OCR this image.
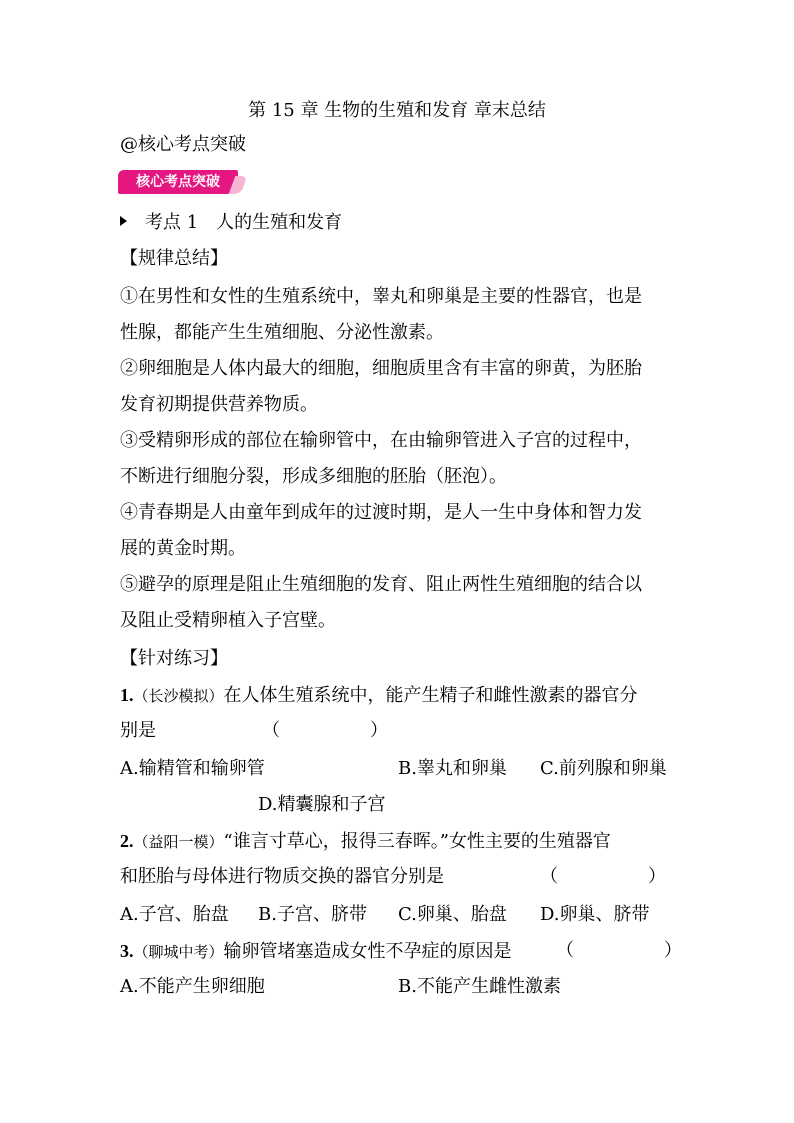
第 15 章 生物的生殖和发育 章末总结
@核心考点突破
核心考点突破
考点 1　人的生殖和发育
【规律总结】
①在男性和女性的生殖系统中，睾丸和卵巢是主要的性器官，也是
性腺，都能产生生殖细胞、分泌性激素。
②卵细胞是人体内最大的细胞，细胞质里含有丰富的卵黄，为胚胎
发育初期提供营养物质。
③受精卵形成的部位在输卵管中，在由输卵管进入子宫的过程中，
不断进行细胞分裂，形成多细胞的胚胎（胚泡）。
④青春期是人由童年到成年的过渡时期，是人一生中身体和智力发
展的黄金时期。
⑤避孕的原理是阻止生殖细胞的发育、阻止两性生殖细胞的结合以
及阻止受精卵植入子宫壁。
【针对练习】
1.（长沙模拟）在人体生殖系统中，能产生精子和雌性激素的器官分
别是	（　　　　　）
A.输精管和输卵管	B.睾丸和卵巢 C.前列腺和卵巢
D.精囊腺和子宫
2.（益阳一模）“谁言寸草心，报得三春晖。”女性主要的生殖器官
和胚胎与母体进行物质交换的器官分别是	（　　　　　）
A.子宫、胎盘 B.子宫、脐带 C.卵巢、胎盘 D.卵巢、脐带
3.（聊城中考）输卵管堵塞造成女性不孕症的原因是 （　　　　　）
A.不能产生卵细胞	B.不能产生雌性激素
